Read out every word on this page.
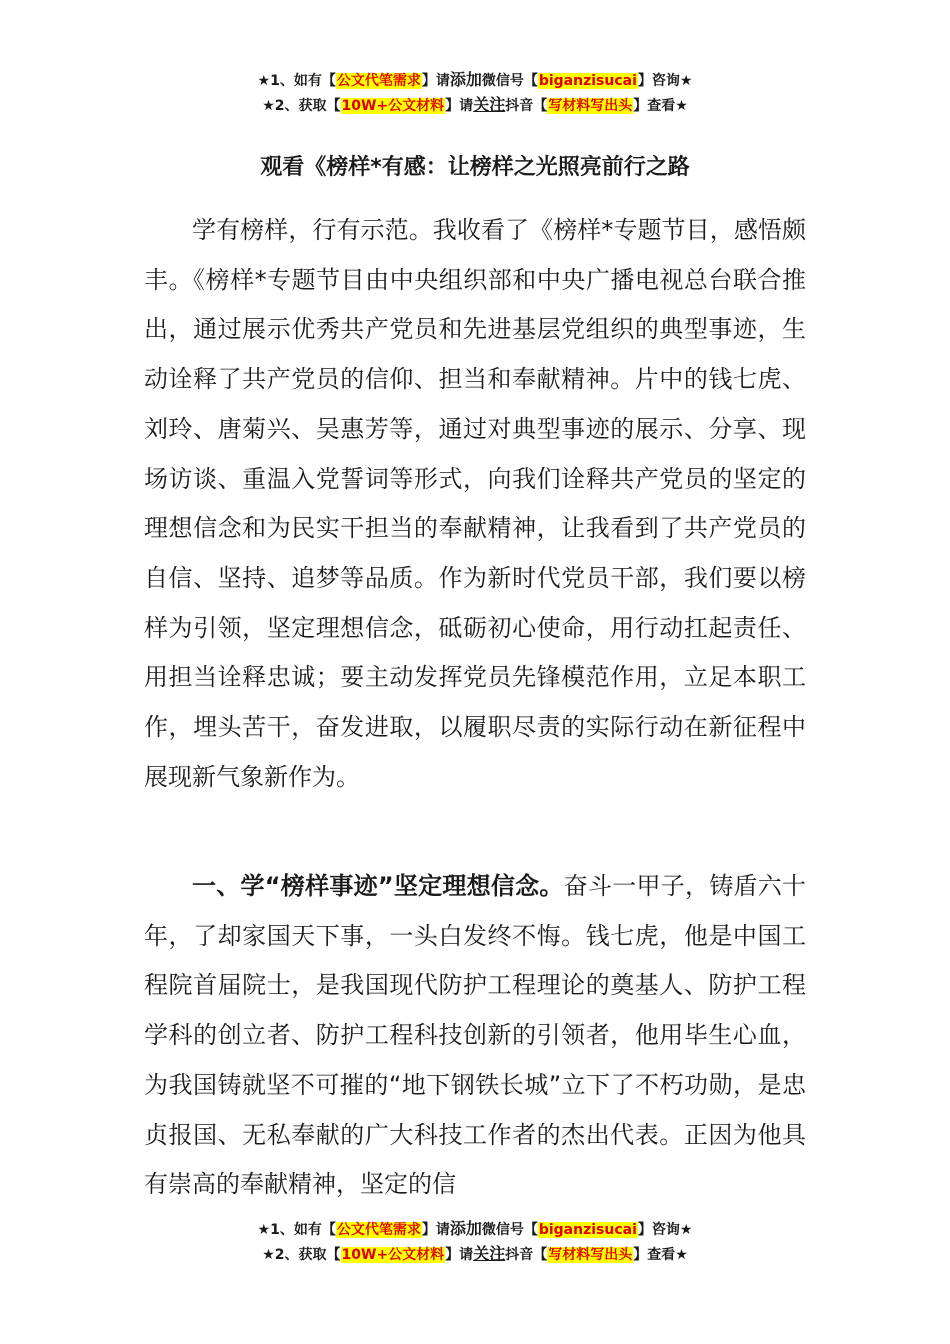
★1、如有【公文代笔需求】请添加微信号【biganzisucai】咨询★
★2、获取【10W+公文材料】请关注抖音【写材料写出头】查看★
观看《榜样*有感：让榜样之光照亮前行之路

学有榜样，行有示范。我收看了《榜样*专题节目，感悟颇丰。《榜样*专题节目由中央组织部和中央广播电视总台联合推出，通过展示优秀共产党员和先进基层党组织的典型事迹，生动诠释了共产党员的信仰、担当和奉献精神。片中的钱七虎、刘玲、唐菊兴、吴惠芳等，通过对典型事迹的展示、分享、现场访谈、重温入党誓词等形式，向我们诠释共产党员的坚定的理想信念和为民实干担当的奉献精神，让我看到了共产党员的自信、坚持、追梦等品质。作为新时代党员干部，我们要以榜样为引领，坚定理想信念，砥砺初心使命，用行动扛起责任、用担当诠释忠诚；要主动发挥党员先锋模范作用，立足本职工作，埋头苦干，奋发进取，以履职尽责的实际行动在新征程中展现新气象新作为。

一、学“榜样事迹”坚定理想信念。奋斗一甲子，铸盾六十年，了却家国天下事，一头白发终不悔。钱七虎，他是中国工程院首届院士，是我国现代防护工程理论的奠基人、防护工程学科的创立者、防护工程科技创新的引领者，他用毕生心血，为我国铸就坚不可摧的“地下钢铁长城”立下了不朽功勋，是忠贞报国、无私奉献的广大科技工作者的杰出代表。正因为他具有崇高的奉献精神，坚定的信

★1、如有【公文代笔需求】请添加微信号【biganzisucai】咨询★
★2、获取【10W+公文材料】请关注抖音【写材料写出头】查看★
